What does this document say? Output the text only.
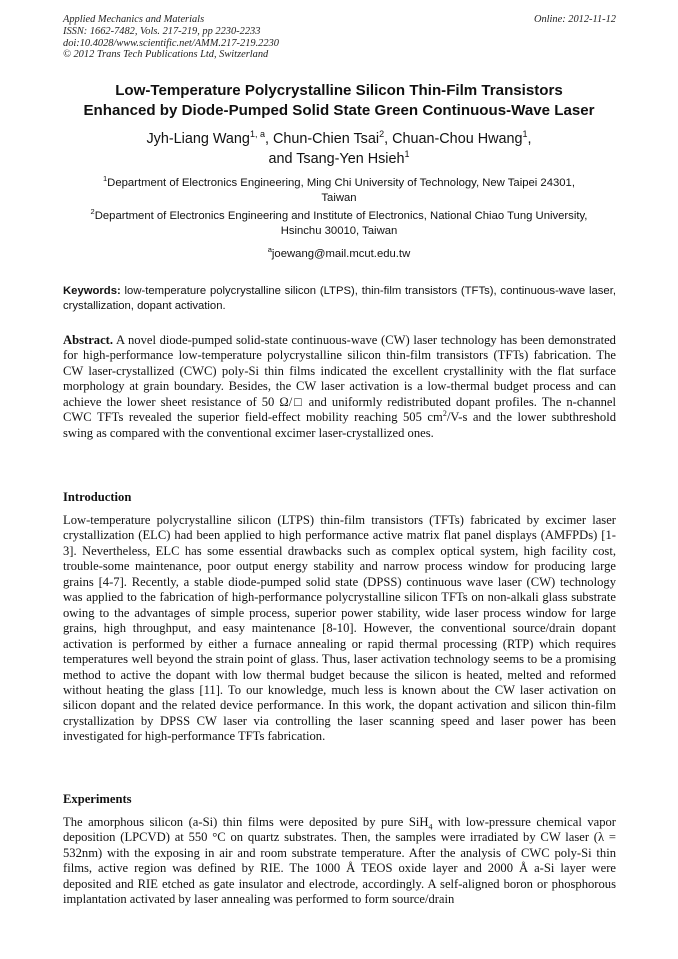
Applied Mechanics and Materials
ISSN: 1662-7482, Vols. 217-219, pp 2230-2233
doi:10.4028/www.scientific.net/AMM.217-219.2230
© 2012 Trans Tech Publications Ltd, Switzerland
Online: 2012-11-12
Low-Temperature Polycrystalline Silicon Thin-Film Transistors
Enhanced by Diode-Pumped Solid State Green Continuous-Wave Laser
Jyh-Liang Wang$^{1, a}$, Chun-Chien Tsai$^2$, Chuan-Chou Hwang$^1$,
and Tsang-Yen Hsieh$^1$
$^1$Department of Electronics Engineering, Ming Chi University of Technology, New Taipei 24301,
Taiwan
$^2$Department of Electronics Engineering and Institute of Electronics, National Chiao Tung University,
Hsinchu 30010, Taiwan
$^a$joewang@mail.mcut.edu.tw
Keywords: low-temperature polycrystalline silicon (LTPS), thin-film transistors (TFTs), continuous-wave laser, crystallization, dopant activation.
Abstract. A novel diode-pumped solid-state continuous-wave (CW) laser technology has been demonstrated for high-performance low-temperature polycrystalline silicon thin-film transistors (TFTs) fabrication. The CW laser-crystallized (CWC) poly-Si thin films indicated the excellent crystallinity with the flat surface morphology at grain boundary. Besides, the CW laser activation is a low-thermal budget process and can achieve the lower sheet resistance of 50 Ω/□ and uniformly redistributed dopant profiles. The n-channel CWC TFTs revealed the superior field-effect mobility reaching 505 $cm^2/V-s$ and the lower subthreshold swing as compared with the conventional excimer laser-crystallized ones.
Introduction
Low-temperature polycrystalline silicon (LTPS) thin-film transistors (TFTs) fabricated by excimer laser crystallization (ELC) had been applied to high performance active matrix flat panel displays (AMFPDs) [1-3]. Nevertheless, ELC has some essential drawbacks such as complex optical system, high facility cost, trouble-some maintenance, poor output energy stability and narrow process window for producing large grains [4-7]. Recently, a stable diode-pumped solid state (DPSS) continuous wave laser (CW) technology was applied to the fabrication of high-performance polycrystalline silicon TFTs on non-alkali glass substrate owing to the advantages of simple process, superior power stability, wide laser process window for large grains, high throughput, and easy maintenance [8-10]. However, the conventional source/drain dopant activation is performed by either a furnace annealing or rapid thermal processing (RTP) which requires temperatures well beyond the strain point of glass. Thus, laser activation technology seems to be a promising method to active the dopant with low thermal budget because the silicon is heated, melted and reformed without heating the glass [11]. To our knowledge, much less is known about the CW laser activation on silicon dopant and the related device performance. In this work, the dopant activation and silicon thin-film crystallization by DPSS CW laser via controlling the laser scanning speed and laser power has been investigated for high-performance TFTs fabrication.
Experiments
The amorphous silicon (a-Si) thin films were deposited by pure SiH$_4$ with low-pressure chemical vapor deposition (LPCVD) at 550 °C on quartz substrates. Then, the samples were irradiated by CW laser (λ = 532nm) with the exposing in air and room substrate temperature. After the analysis of CWC poly-Si thin films, active region was defined by RIE. The 1000 Å TEOS oxide layer and 2000 Å a-Si layer were deposited and RIE etched as gate insulator and electrode, accordingly. A self-aligned boron or phosphorous implantation activated by laser annealing was performed to form source/drain
